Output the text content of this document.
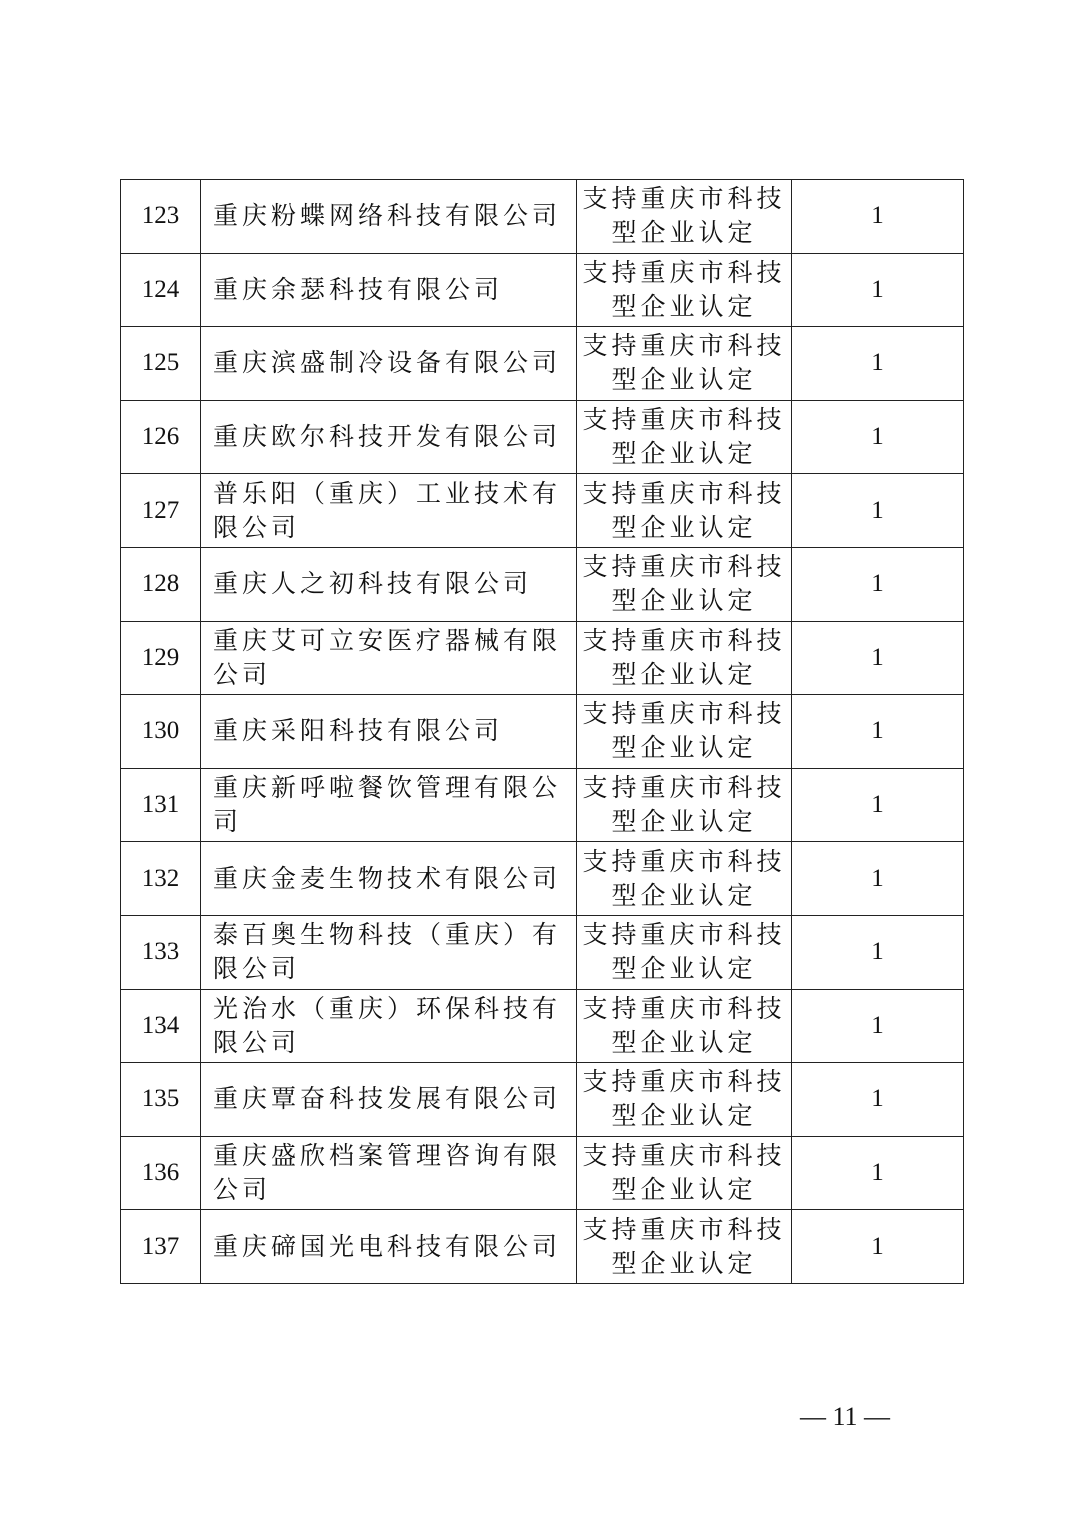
123	重庆粉蝶网络科技有限公司	支持重庆市科技型企业认定	1
124	重庆余瑟科技有限公司	支持重庆市科技型企业认定	1
125	重庆滨盛制冷设备有限公司	支持重庆市科技型企业认定	1
126	重庆欧尔科技开发有限公司	支持重庆市科技型企业认定	1
127	普乐阳（重庆）工业技术有限公司	支持重庆市科技型企业认定	1
128	重庆人之初科技有限公司	支持重庆市科技型企业认定	1
129	重庆艾可立安医疗器械有限公司	支持重庆市科技型企业认定	1
130	重庆采阳科技有限公司	支持重庆市科技型企业认定	1
131	重庆新呼啦餐饮管理有限公司	支持重庆市科技型企业认定	1
132	重庆金麦生物技术有限公司	支持重庆市科技型企业认定	1
133	泰百奥生物科技（重庆）有限公司	支持重庆市科技型企业认定	1
134	光治水（重庆）环保科技有限公司	支持重庆市科技型企业认定	1
135	重庆覃奋科技发展有限公司	支持重庆市科技型企业认定	1
136	重庆盛欣档案管理咨询有限公司	支持重庆市科技型企业认定	1
137	重庆碲国光电科技有限公司	支持重庆市科技型企业认定	1
— 11 —
